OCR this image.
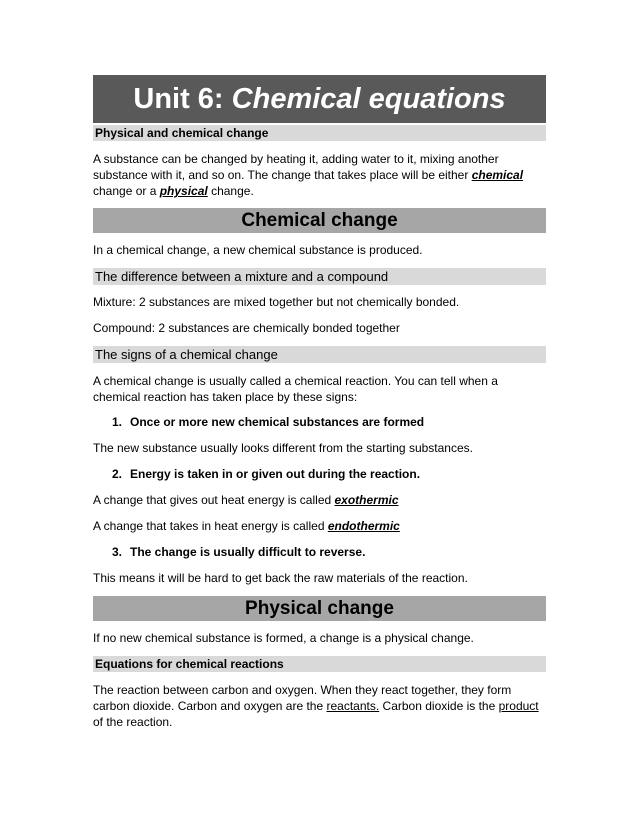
Unit 6: Chemical equations
Physical and chemical change

A substance can be changed by heating it, adding water to it, mixing another substance with it, and so on. The change that takes place will be either chemical change or a physical change.

Chemical change

In a chemical change, a new chemical substance is produced.

The difference between a mixture and a compound

Mixture: 2 substances are mixed together but not chemically bonded.

Compound: 2 substances are chemically bonded together

The signs of a chemical change

A chemical change is usually called a chemical reaction. You can tell when a chemical reaction has taken place by these signs:

1. Once or more new chemical substances are formed

The new substance usually looks different from the starting substances.

2. Energy is taken in or given out during the reaction.

A change that gives out heat energy is called exothermic

A change that takes in heat energy is called endothermic

3. The change is usually difficult to reverse.

This means it will be hard to get back the raw materials of the reaction.

Physical change

If no new chemical substance is formed, a change is a physical change.

Equations for chemical reactions

The reaction between carbon and oxygen. When they react together, they form carbon dioxide. Carbon and oxygen are the reactants. Carbon dioxide is the product of the reaction.
